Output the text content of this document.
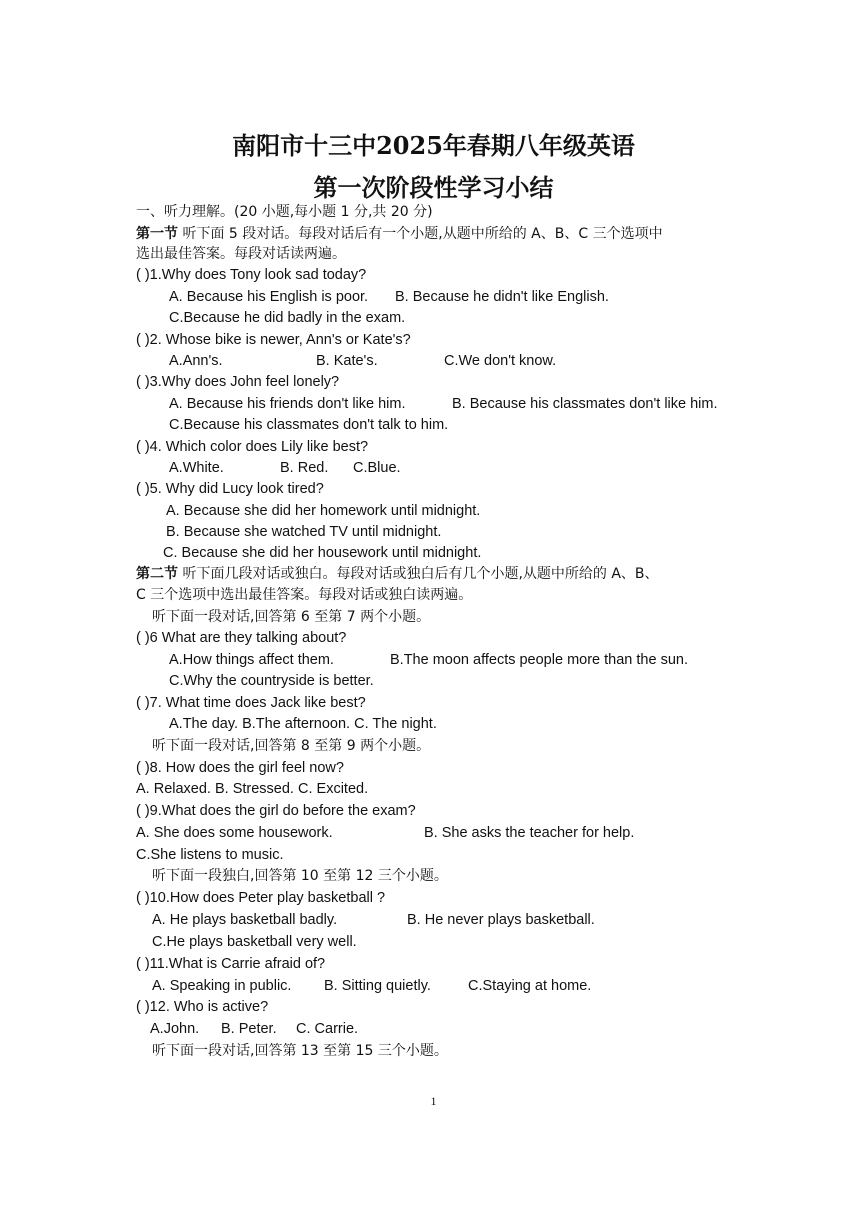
南阳市十三中2025年春期八年级英语
第一次阶段性学习小结
一、听力理解。(20 小题,每小题 1 分,共 20 分)
第一节 听下面 5 段对话。每段对话后有一个小题,从题中所给的 A、B、C 三个选项中
选出最佳答案。每段对话读两遍。
( )1.Why does Tony look sad today?
A. Because his English is poor. B. Because he didn't like English.
C.Because he did badly in the exam.
( )2. Whose bike is newer, Ann's or Kate's?
A.Ann's.	B. Kate's.	C.We don't know.
( )3.Why does John feel lonely?
A. Because his friends don't like him.	B. Because his classmates don't like him.
C.Because his classmates don't talk to him.
( )4. Which color does Lily like best?
A.White.	B. Red. C.Blue.
( )5. Why did Lucy look tired?
A. Because she did her homework until midnight.
B. Because she watched TV until midnight.
C. Because she did her housework until midnight.
第二节 听下面几段对话或独白。每段对话或独白后有几个小题,从题中所给的 A、B、
C 三个选项中选出最佳答案。每段对话或独白读两遍。
听下面一段对话,回答第 6 至第 7 两个小题。
( )6 What are they talking about?
A.How things affect them.	B.The moon affects people more than the sun.
C.Why the countryside is better.
( )7. What time does Jack like best?
A.The day. B.The afternoon. C. The night.
听下面一段对话,回答第 8 至第 9 两个小题。
( )8. How does the girl feel now?
A. Relaxed. B. Stressed. C. Excited.
( )9.What does the girl do before the exam?
A. She does some housework.	B. She asks the teacher for help.
C.She listens to music.
听下面一段独白,回答第 10 至第 12 三个小题。
( )10.How does Peter play basketball ?
A. He plays basketball badly.	B. He never plays basketball.
C.He plays basketball very well.
( )11.What is Carrie afraid of?
A. Speaking in public. B. Sitting quietly.	C.Staying at home.
( )12. Who is active?
A.John. B. Peter. C. Carrie.
听下面一段对话,回答第 13 至第 15 三个小题。
1
